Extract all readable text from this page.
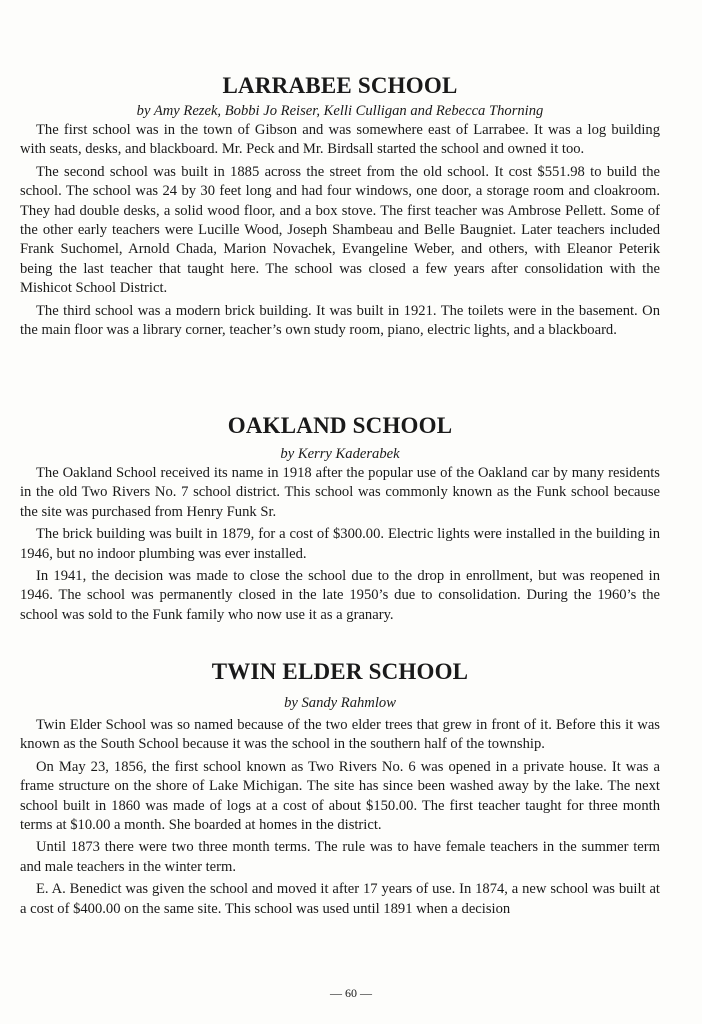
LARRABEE SCHOOL
by Amy Rezek, Bobbi Jo Reiser, Kelli Culligan and Rebecca Thorning

The first school was in the town of Gibson and was somewhere east of Larrabee. It was a log building with seats, desks, and blackboard. Mr. Peck and Mr. Birdsall started the school and owned it too.

The second school was built in 1885 across the street from the old school. It cost $551.98 to build the school. The school was 24 by 30 feet long and had four windows, one door, a storage room and cloakroom. They had double desks, a solid wood floor, and a box stove. The first teacher was Ambrose Pellett. Some of the other early teachers were Lucille Wood, Joseph Shambeau and Belle Baugniet. Later teachers included Frank Suchomel, Arnold Chada, Marion Novachek, Evangeline Weber, and others, with Eleanor Peterik being the last teacher that taught here. The school was closed a few years after consolidation with the Mishicot School District.

The third school was a modern brick building. It was built in 1921. The toilets were in the basement. On the main floor was a library corner, teacher’s own study room, piano, electric lights, and a blackboard.

OAKLAND SCHOOL
by Kerry Kaderabek

The Oakland School received its name in 1918 after the popular use of the Oakland car by many residents in the old Two Rivers No. 7 school district. This school was commonly known as the Funk school because the site was purchased from Henry Funk Sr.

The brick building was built in 1879, for a cost of $300.00. Electric lights were installed in the building in 1946, but no indoor plumbing was ever installed.

In 1941, the decision was made to close the school due to the drop in enrollment, but was reopened in 1946. The school was permanently closed in the late 1950’s due to consolidation. During the 1960’s the school was sold to the Funk family who now use it as a granary.

TWIN ELDER SCHOOL
by Sandy Rahmlow

Twin Elder School was so named because of the two elder trees that grew in front of it. Before this it was known as the South School because it was the school in the southern half of the township.

On May 23, 1856, the first school known as Two Rivers No. 6 was opened in a private house. It was a frame structure on the shore of Lake Michigan. The site has since been washed away by the lake. The next school built in 1860 was made of logs at a cost of about $150.00. The first teacher taught for three month terms at $10.00 a month. She boarded at homes in the district.

Until 1873 there were two three month terms. The rule was to have female teachers in the summer term and male teachers in the winter term.

E. A. Benedict was given the school and moved it after 17 years of use. In 1874, a new school was built at a cost of $400.00 on the same site. This school was used until 1891 when a decision

— 60 —
